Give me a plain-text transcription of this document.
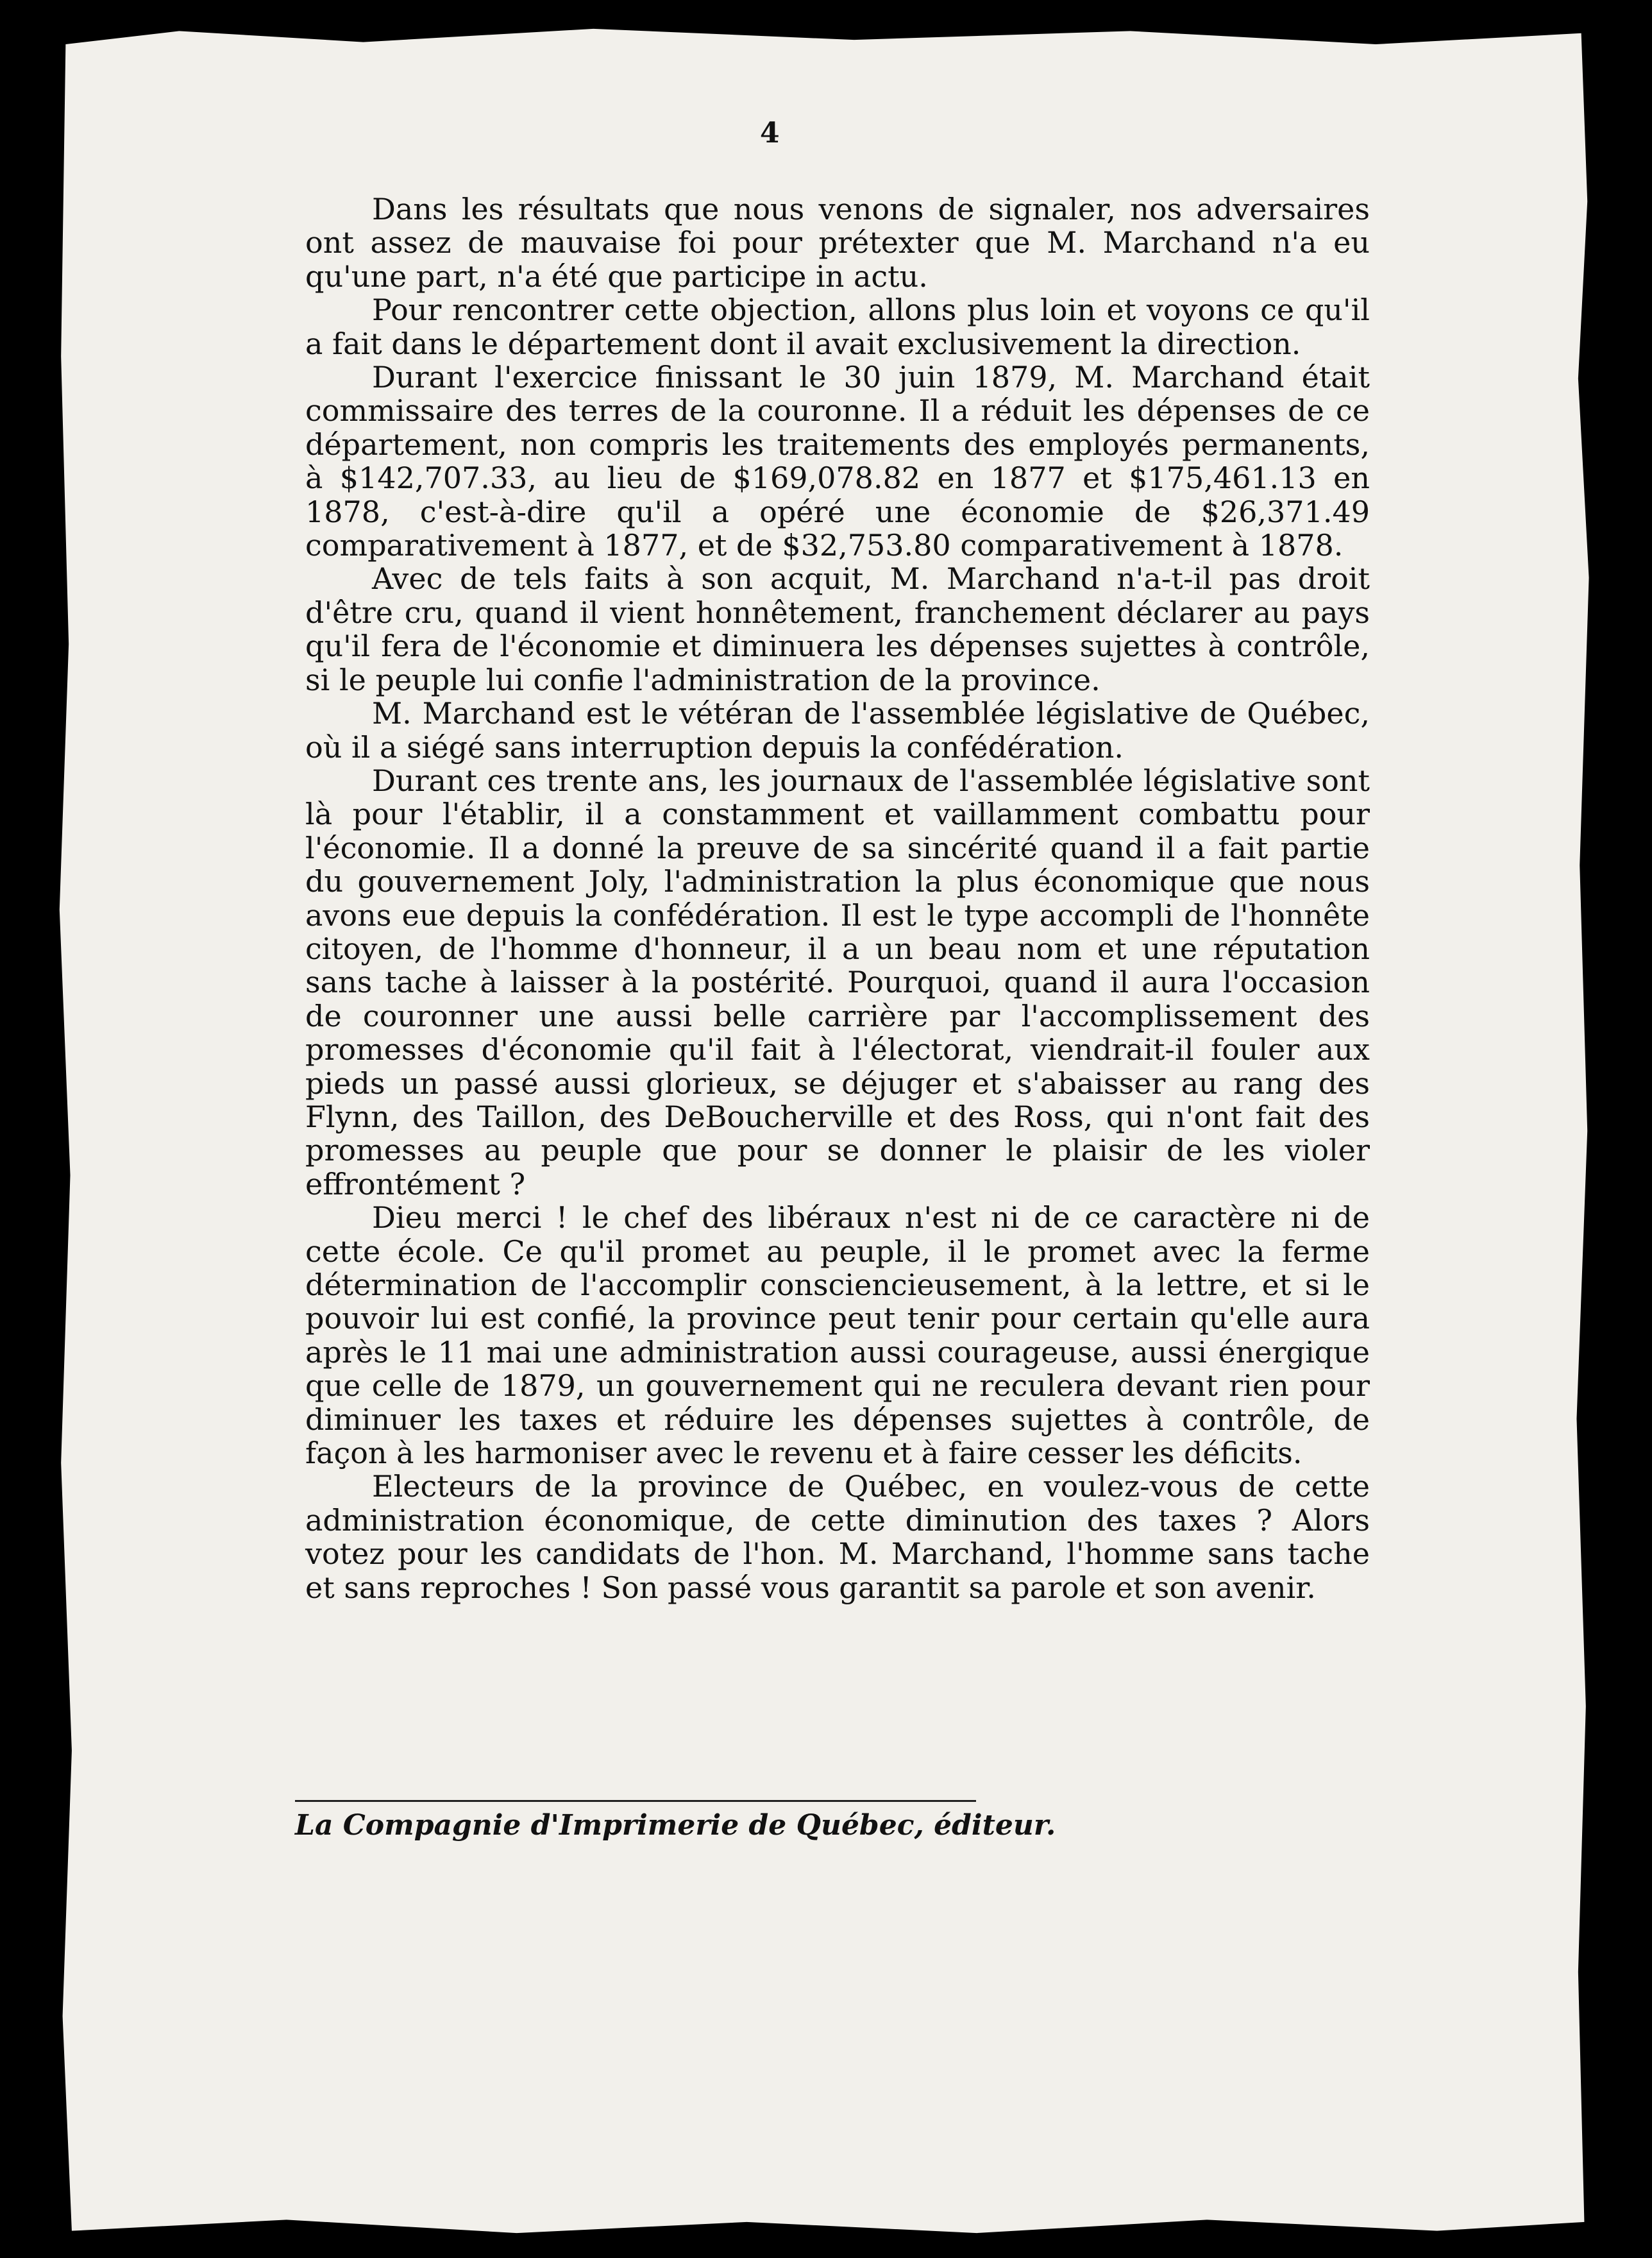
4

Dans les résultats que nous venons de signaler, nos adversaires ont assez de mauvaise foi pour prétexter que M. Marchand n'a eu qu'une part, n'a été que participe in actu.

Pour rencontrer cette objection, allons plus loin et voyons ce qu'il a fait dans le département dont il avait exclusivement la direction.

Durant l'exercice finissant le 30 juin 1879, M. Marchand était commissaire des terres de la couronne. Il a réduit les dépenses de ce département, non compris les traitements des employés permanents, à $142,707.33, au lieu de $169,078.82 en 1877 et $175,461.13 en 1878, c'est-à-dire qu'il a opéré une économie de $26,371.49 comparativement à 1877, et de $32,753.80 comparativement à 1878.

Avec de tels faits à son acquit, M. Marchand n'a-t-il pas droit d'être cru, quand il vient honnêtement, franchement déclarer au pays qu'il fera de l'économie et diminuera les dépenses sujettes à contrôle, si le peuple lui confie l'administration de la province.

M. Marchand est le vétéran de l'assemblée législative de Québec, où il a siégé sans interruption depuis la confédération.

Durant ces trente ans, les journaux de l'assemblée législative sont là pour l'établir, il a constamment et vaillamment combattu pour l'économie. Il a donné la preuve de sa sincérité quand il a fait partie du gouvernement Joly, l'administration la plus économique que nous avons eue depuis la confédération. Il est le type accompli de l'honnête citoyen, de l'homme d'honneur, il a un beau nom et une réputation sans tache à laisser à la postérité. Pourquoi, quand il aura l'occasion de couronner une aussi belle carrière par l'accomplissement des promesses d'économie qu'il fait à l'électorat, viendrait-il fouler aux pieds un passé aussi glorieux, se déjuger et s'abaisser au rang des Flynn, des Taillon, des DeBoucherville et des Ross, qui n'ont fait des promesses au peuple que pour se donner le plaisir de les violer effrontément ?

Dieu merci ! le chef des libéraux n'est ni de ce caractère ni de cette école. Ce qu'il promet au peuple, il le promet avec la ferme détermination de l'accomplir consciencieusement, à la lettre, et si le pouvoir lui est confié, la province peut tenir pour certain qu'elle aura après le 11 mai une administration aussi courageuse, aussi énergique que celle de 1879, un gouvernement qui ne reculera devant rien pour diminuer les taxes et réduire les dépenses sujettes à contrôle, de façon à les harmoniser avec le revenu et à faire cesser les déficits.

Electeurs de la province de Québec, en voulez-vous de cette administration économique, de cette diminution des taxes ? Alors votez pour les candidats de l'hon. M. Marchand, l'homme sans tache et sans reproches ! Son passé vous garantit sa parole et son avenir.

La Compagnie d'Imprimerie de Québec, éditeur.
